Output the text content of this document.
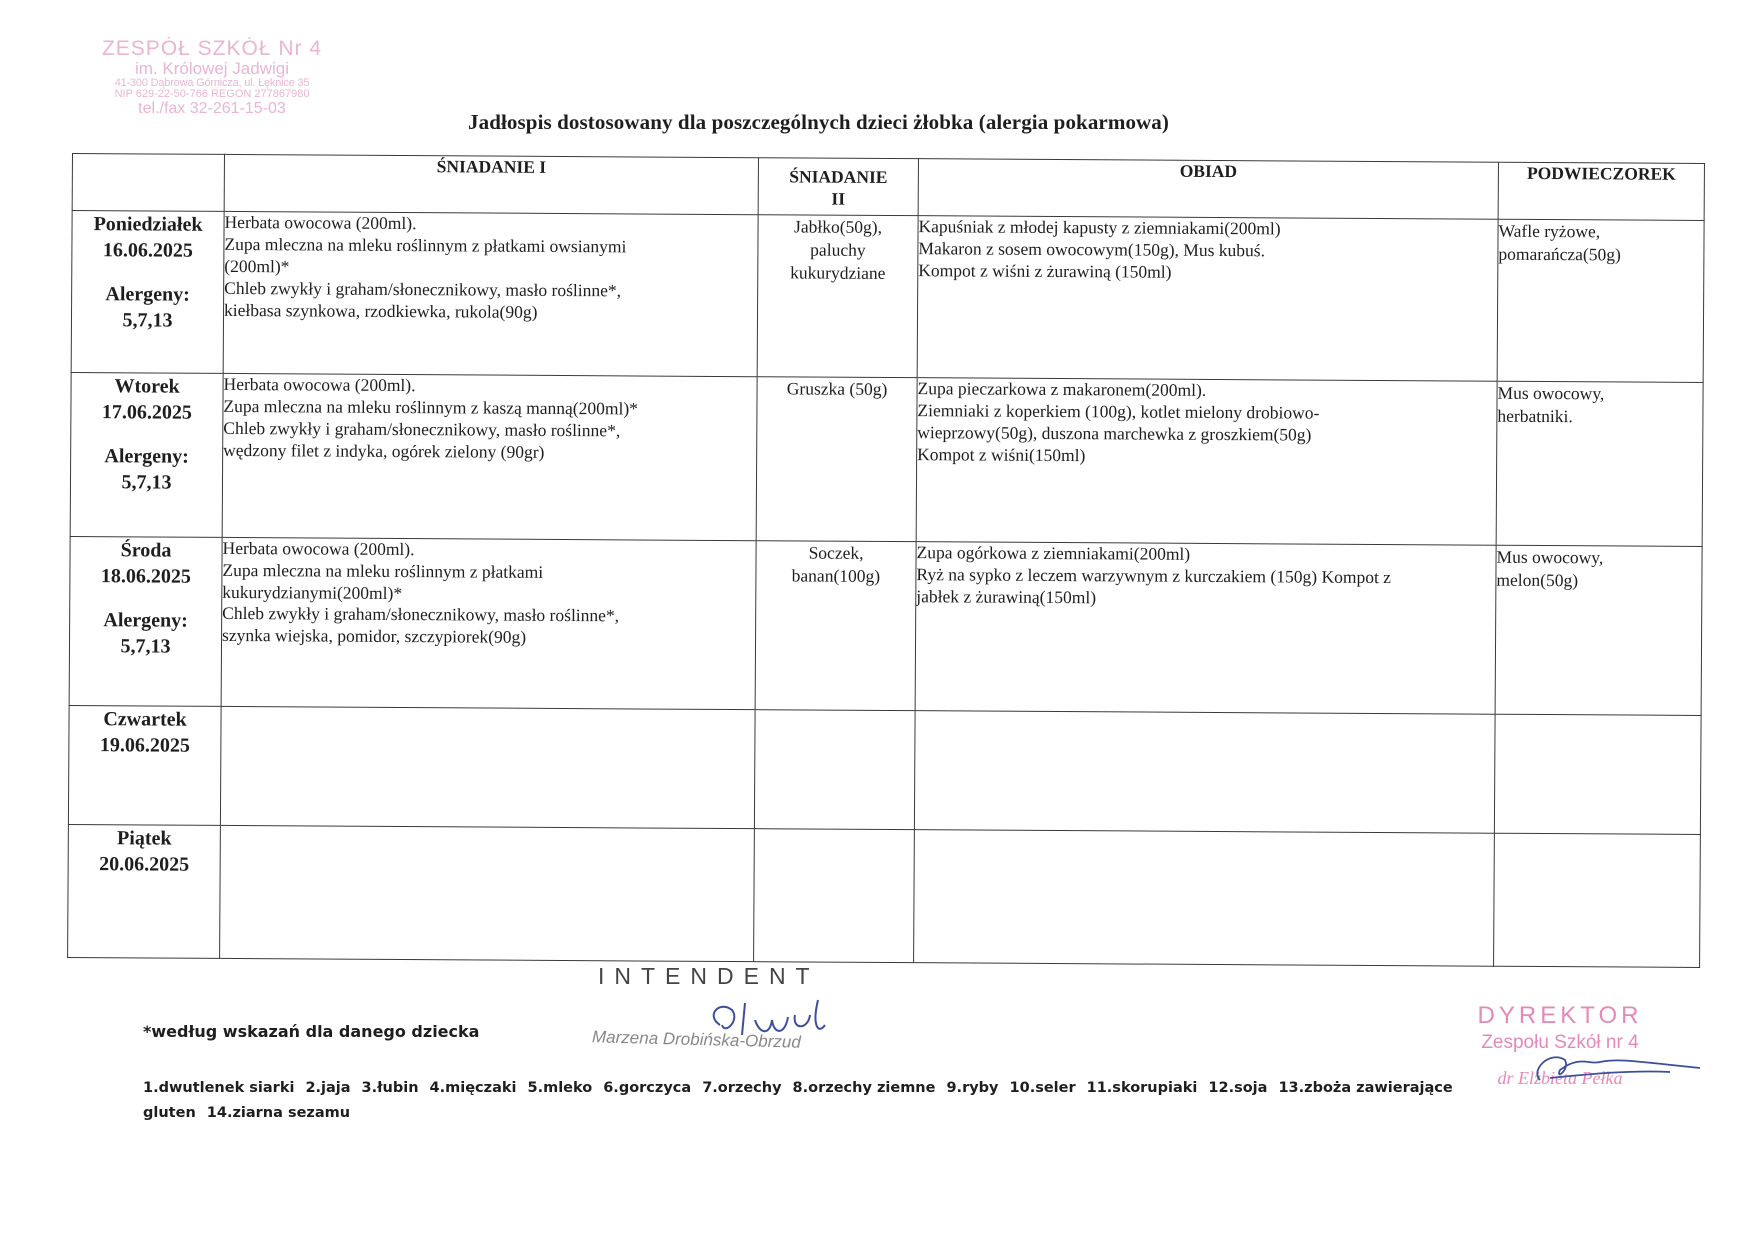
ZESPÓŁ SZKÓŁ Nr 4
im. Królowej Jadwigi
41-300 Dąbrowa Górnicza, ul. Łęknice 35
NIP 629-22-50-766 REGON 277867980
tel./fax 32-261-15-03
Jadłospis dostosowany dla poszczególnych dzieci żłobka (alergia pokarmowa)
	ŚNIADANIE I	ŚNIADANIE
II	OBIAD	PODWIECZOREK

Poniedziałek
16.06.2025
Alergeny:
5,7,13	Herbata owocowa (200ml).
Zupa mleczna na mleku roślinnym z płatkami owsianymi
(200ml)*
Chleb zwykły i graham/słonecznikowy, masło roślinne*,
kiełbasa szynkowa, rzodkiewka, rukola(90g)	Jabłko(50g),
paluchy
kukurydziane	Kapuśniak z młodej kapusty z ziemniakami(200ml)
Makaron z sosem owocowym(150g), Mus kubuś.
Kompot z wiśni z żurawiną (150ml)	Wafle ryżowe,
pomarańcza(50g)

Wtorek
17.06.2025
Alergeny:
5,7,13	Herbata owocowa (200ml).
Zupa mleczna na mleku roślinnym z kaszą manną(200ml)*
Chleb zwykły i graham/słonecznikowy, masło roślinne*,
wędzony filet z indyka, ogórek zielony (90gr)	Gruszka (50g)	Zupa pieczarkowa z makaronem(200ml).
Ziemniaki z koperkiem (100g), kotlet mielony drobiowo-
wieprzowy(50g), duszona marchewka z groszkiem(50g)
Kompot z wiśni(150ml)	Mus owocowy,
herbatniki.

Środa
18.06.2025
Alergeny:
5,7,13	Herbata owocowa (200ml).
Zupa mleczna na mleku roślinnym z płatkami
kukurydzianymi(200ml)*
Chleb zwykły i graham/słonecznikowy, masło roślinne*,
szynka wiejska, pomidor, szczypiorek(90g)	Soczek,
banan(100g)	Zupa ogórkowa z ziemniakami(200ml)
Ryż na sypko z leczem warzywnym z kurczakiem (150g) Kompot z
jabłek z żurawiną(150ml)	Mus owocowy,
melon(50g)

Czwartek
19.06.2025				

Piątek
20.06.2025				

INTENDENT
Marzena Drobińska-Obrzud
*według wskazań dla danego dziecka
1.dwutlenek siarki 2.jaja 3.łubin 4.mięczaki 5.mleko 6.gorczyca 7.orzechy 8.orzechy ziemne 9.ryby 10.seler 11.skorupiaki 12.soja 13.zboża zawierające gluten 14.ziarna sezamu
DYREKTOR
Zespołu Szkół nr 4
dr Elżbieta Pełka
